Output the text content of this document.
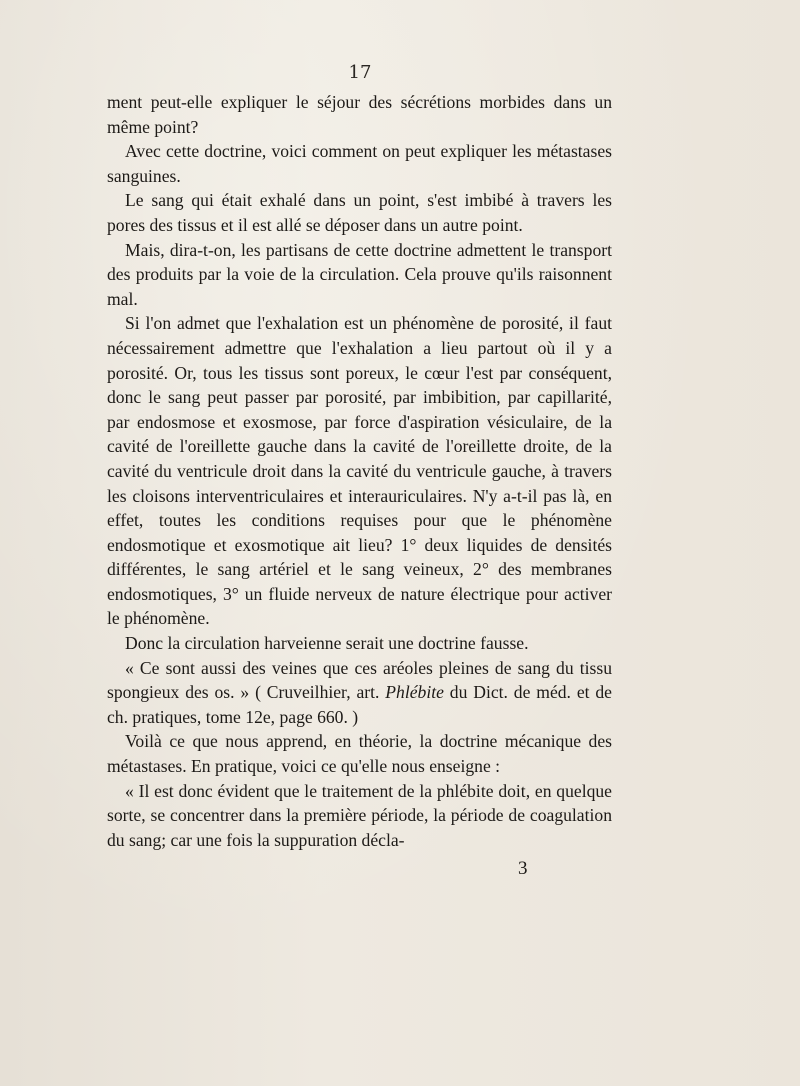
17

ment peut-elle expliquer le séjour des sécrétions morbides dans un même point?

Avec cette doctrine, voici comment on peut expliquer les métastases sanguines.

Le sang qui était exhalé dans un point, s'est imbibé à travers les pores des tissus et il est allé se déposer dans un autre point.

Mais, dira-t-on, les partisans de cette doctrine admettent le transport des produits par la voie de la circulation. Cela prouve qu'ils raisonnent mal.

Si l'on admet que l'exhalation est un phénomène de porosité, il faut nécessairement admettre que l'exhalation a lieu partout où il y a porosité. Or, tous les tissus sont poreux, le cœur l'est par conséquent, donc le sang peut passer par porosité, par imbibition, par capillarité, par endosmose et exosmose, par force d'aspiration vésiculaire, de la cavité de l'oreillette gauche dans la cavité de l'oreillette droite, de la cavité du ventricule droit dans la cavité du ventricule gauche, à travers les cloisons interventriculaires et interauriculaires. N'y a-t-il pas là, en effet, toutes les conditions requises pour que le phénomène endosmotique et exosmotique ait lieu? 1° deux liquides de densités différentes, le sang artériel et le sang veineux, 2° des membranes endosmotiques, 3° un fluide nerveux de nature électrique pour activer le phénomène.

Donc la circulation harveienne serait une doctrine fausse.

« Ce sont aussi des veines que ces aréoles pleines de sang du tissu spongieux des os. » ( Cruveilhier, art. Phlébite du Dict. de méd. et de ch. pratiques, tome 12e, page 660. )

Voilà ce que nous apprend, en théorie, la doctrine mécanique des métastases. En pratique, voici ce qu'elle nous enseigne :

« Il est donc évident que le traitement de la phlébite doit, en quelque sorte, se concentrer dans la première période, la période de coagulation du sang; car une fois la suppuration décla-

3
